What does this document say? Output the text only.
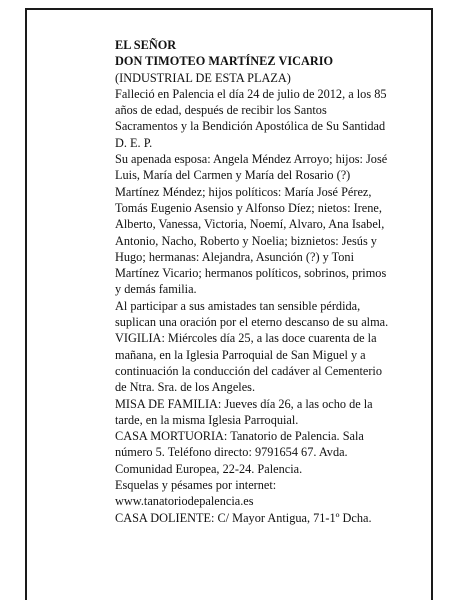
EL SEÑOR
DON TIMOTEO MARTÍNEZ VICARIO
(INDUSTRIAL DE ESTA PLAZA)
Falleció en Palencia el día 24 de julio de 2012, a los 85
años de edad, después de recibir los Santos
Sacramentos y la Bendición Apostólica de Su Santidad
D. E. P.
Su apenada esposa: Angela Méndez Arroyo; hijos: José
Luis, María del Carmen y María del Rosario (?)
Martínez Méndez; hijos políticos: María José Pérez,
Tomás Eugenio Asensio y Alfonso Díez; nietos: Irene,
Alberto, Vanessa, Victoria, Noemí, Alvaro, Ana Isabel,
Antonio, Nacho, Roberto y Noelia; biznietos: Jesús y
Hugo; hermanas: Alejandra, Asunción (?) y Toni
Martínez Vicario; hermanos políticos, sobrinos, primos
y demás familia.
Al participar a sus amistades tan sensible pérdida,
suplican una oración por el eterno descanso de su alma.
VIGILIA: Miércoles día 25, a las doce cuarenta de la
mañana, en la Iglesia Parroquial de San Miguel y a
continuación la conducción del cadáver al Cementerio
de Ntra. Sra. de los Angeles.
MISA DE FAMILIA: Jueves día 26, a las ocho de la
tarde, en la misma Iglesia Parroquial.
CASA MORTUORIA: Tanatorio de Palencia. Sala
número 5. Teléfono directo: 9791654 67. Avda.
Comunidad Europea, 22-24. Palencia.
Esquelas y pésames por internet:
www.tanatoriodepalencia.es
CASA DOLIENTE: C/ Mayor Antigua, 71-1º Dcha.
